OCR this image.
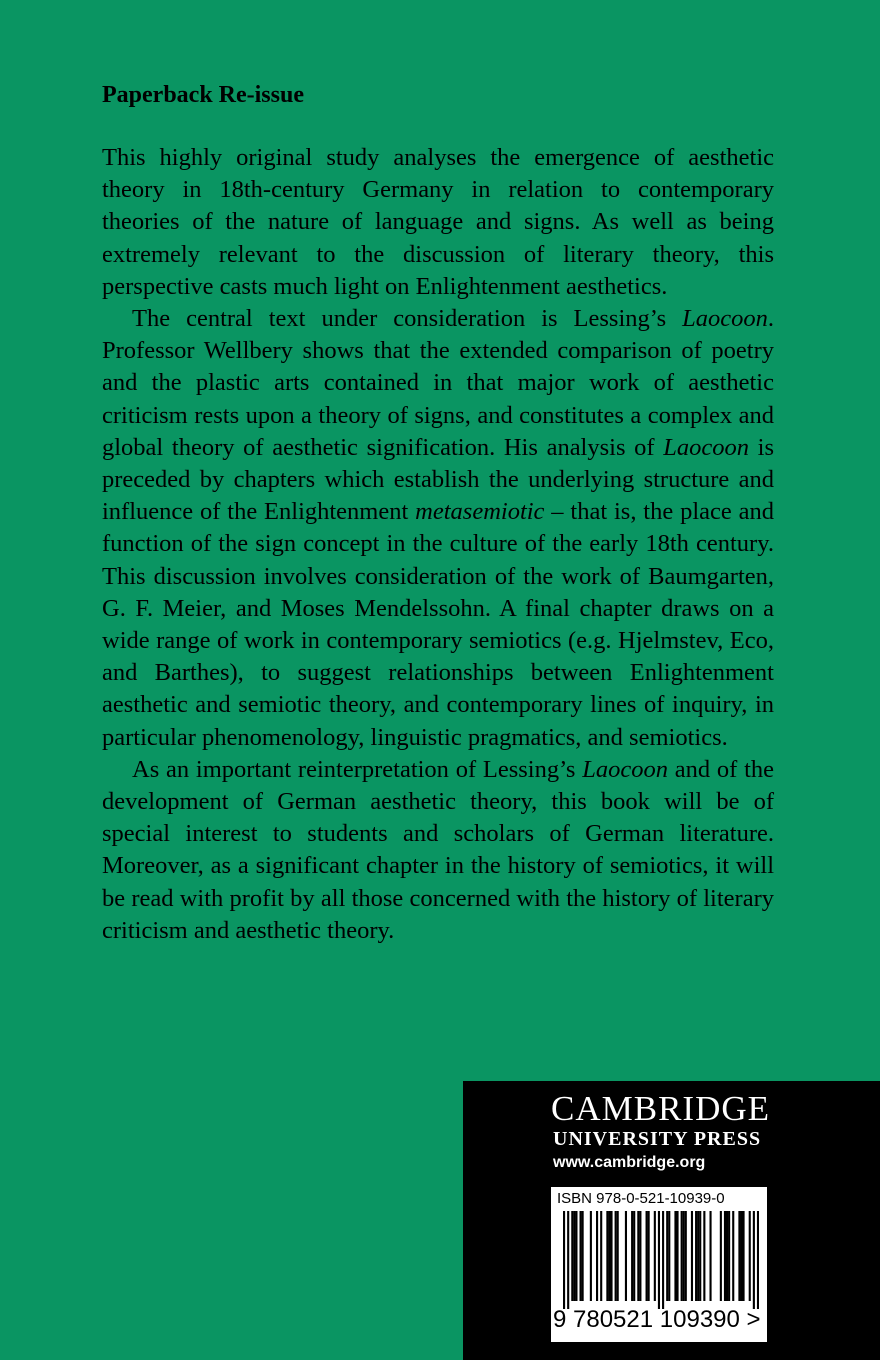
Paperback Re-issue

This highly original study analyses the emergence of aesthetic theory in 18th-century Germany in relation to contemporary theories of the nature of language and signs. As well as being extremely relevant to the discussion of literary theory, this perspective casts much light on Enlightenment aesthetics.

The central text under consideration is Lessing’s Laocoon. Professor Wellbery shows that the extended comparison of poetry and the plastic arts contained in that major work of aesthetic criticism rests upon a theory of signs, and constitutes a complex and global theory of aesthetic signification. His analysis of Laocoon is preceded by chapters which establish the underlying structure and influence of the Enlightenment metasemiotic – that is, the place and function of the sign concept in the culture of the early 18th century. This discussion involves consideration of the work of Baumgarten, G. F. Meier, and Moses Mendelssohn. A final chapter draws on a wide range of work in contemporary semiotics (e.g. Hjelmstev, Eco, and Barthes), to suggest relationships between Enlightenment aesthetic and semiotic theory, and contemporary lines of inquiry, in particular phenomenology, linguistic pragmatics, and semiotics.

As an important reinterpretation of Lessing’s Laocoon and of the development of German aesthetic theory, this book will be of special interest to students and scholars of German literature. Moreover, as a significant chapter in the history of semiotics, it will be read with profit by all those concerned with the history of literary criticism and aesthetic theory.

CAMBRIDGE
UNIVERSITY PRESS
www.cambridge.org
ISBN 978-0-521-10939-0
9 780521 109390 >
